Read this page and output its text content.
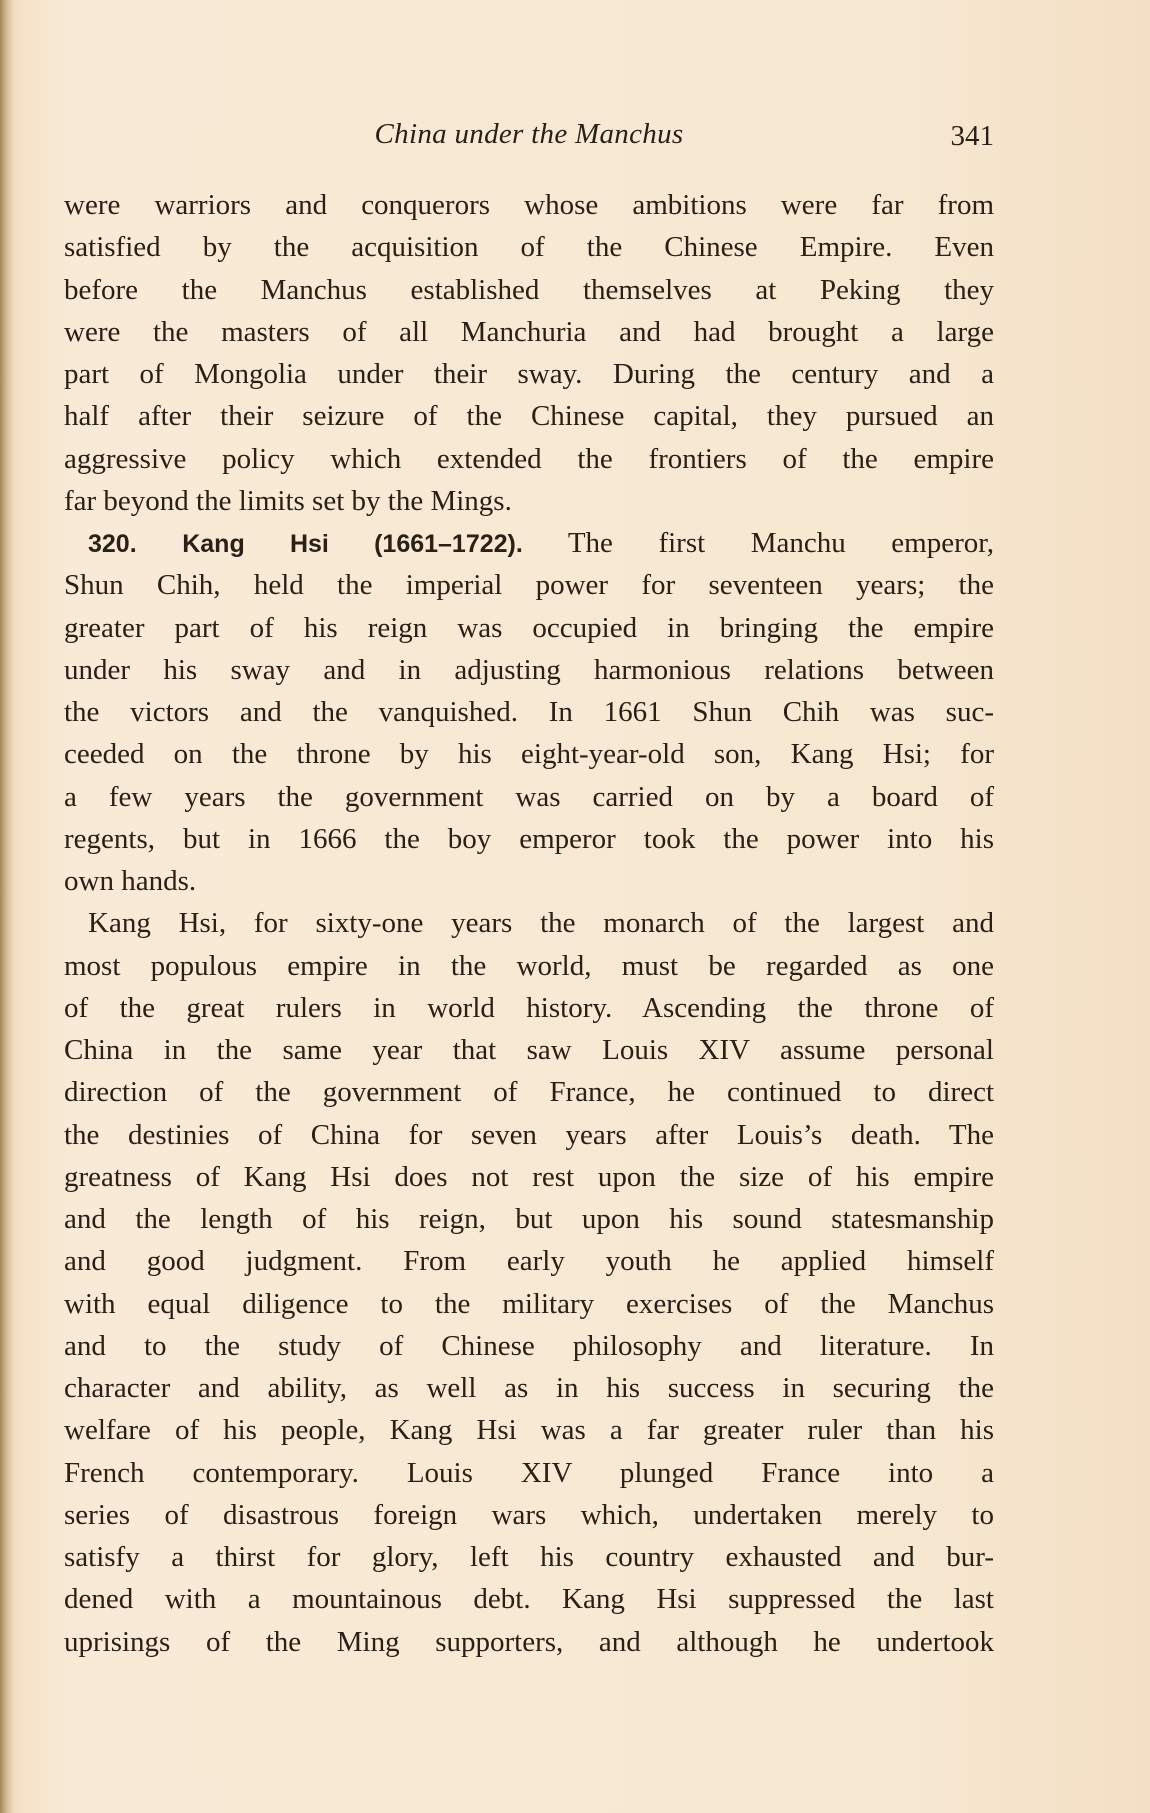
China under the Manchus	341
were warriors and conquerors whose ambitions were far from
satisfied by the acquisition of the Chinese Empire. Even
before the Manchus established themselves at Peking they
were the masters of all Manchuria and had brought a large
part of Mongolia under their sway. During the century and a
half after their seizure of the Chinese capital, they pursued an
aggressive policy which extended the frontiers of the empire
far beyond the limits set by the Mings.
320. Kang Hsi (1661–1722). The first Manchu emperor,
Shun Chih, held the imperial power for seventeen years; the
greater part of his reign was occupied in bringing the empire
under his sway and in adjusting harmonious relations between
the victors and the vanquished. In 1661 Shun Chih was suc-
ceeded on the throne by his eight-year-old son, Kang Hsi; for
a few years the government was carried on by a board of
regents, but in 1666 the boy emperor took the power into his
own hands.
Kang Hsi, for sixty-one years the monarch of the largest and
most populous empire in the world, must be regarded as one
of the great rulers in world history. Ascending the throne of
China in the same year that saw Louis XIV assume personal
direction of the government of France, he continued to direct
the destinies of China for seven years after Louis’s death. The
greatness of Kang Hsi does not rest upon the size of his empire
and the length of his reign, but upon his sound statesmanship
and good judgment. From early youth he applied himself
with equal diligence to the military exercises of the Manchus
and to the study of Chinese philosophy and literature. In
character and ability, as well as in his success in securing the
welfare of his people, Kang Hsi was a far greater ruler than his
French contemporary. Louis XIV plunged France into a
series of disastrous foreign wars which, undertaken merely to
satisfy a thirst for glory, left his country exhausted and bur-
dened with a mountainous debt. Kang Hsi suppressed the last
uprisings of the Ming supporters, and although he undertook
